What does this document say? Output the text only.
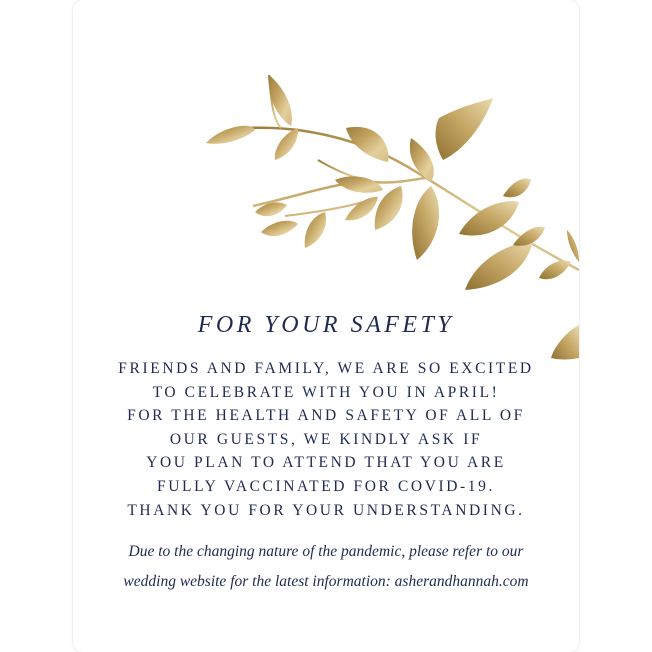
FOR YOUR SAFETY
FRIENDS AND FAMILY, WE ARE SO EXCITED
TO CELEBRATE WITH YOU IN APRIL!
FOR THE HEALTH AND SAFETY OF ALL OF
OUR GUESTS, WE KINDLY ASK IF
YOU PLAN TO ATTEND THAT YOU ARE
FULLY VACCINATED FOR COVID-19.
THANK YOU FOR YOUR UNDERSTANDING.
Due to the changing nature of the pandemic, please refer to our
wedding website for the latest information: asherandhannah.com
